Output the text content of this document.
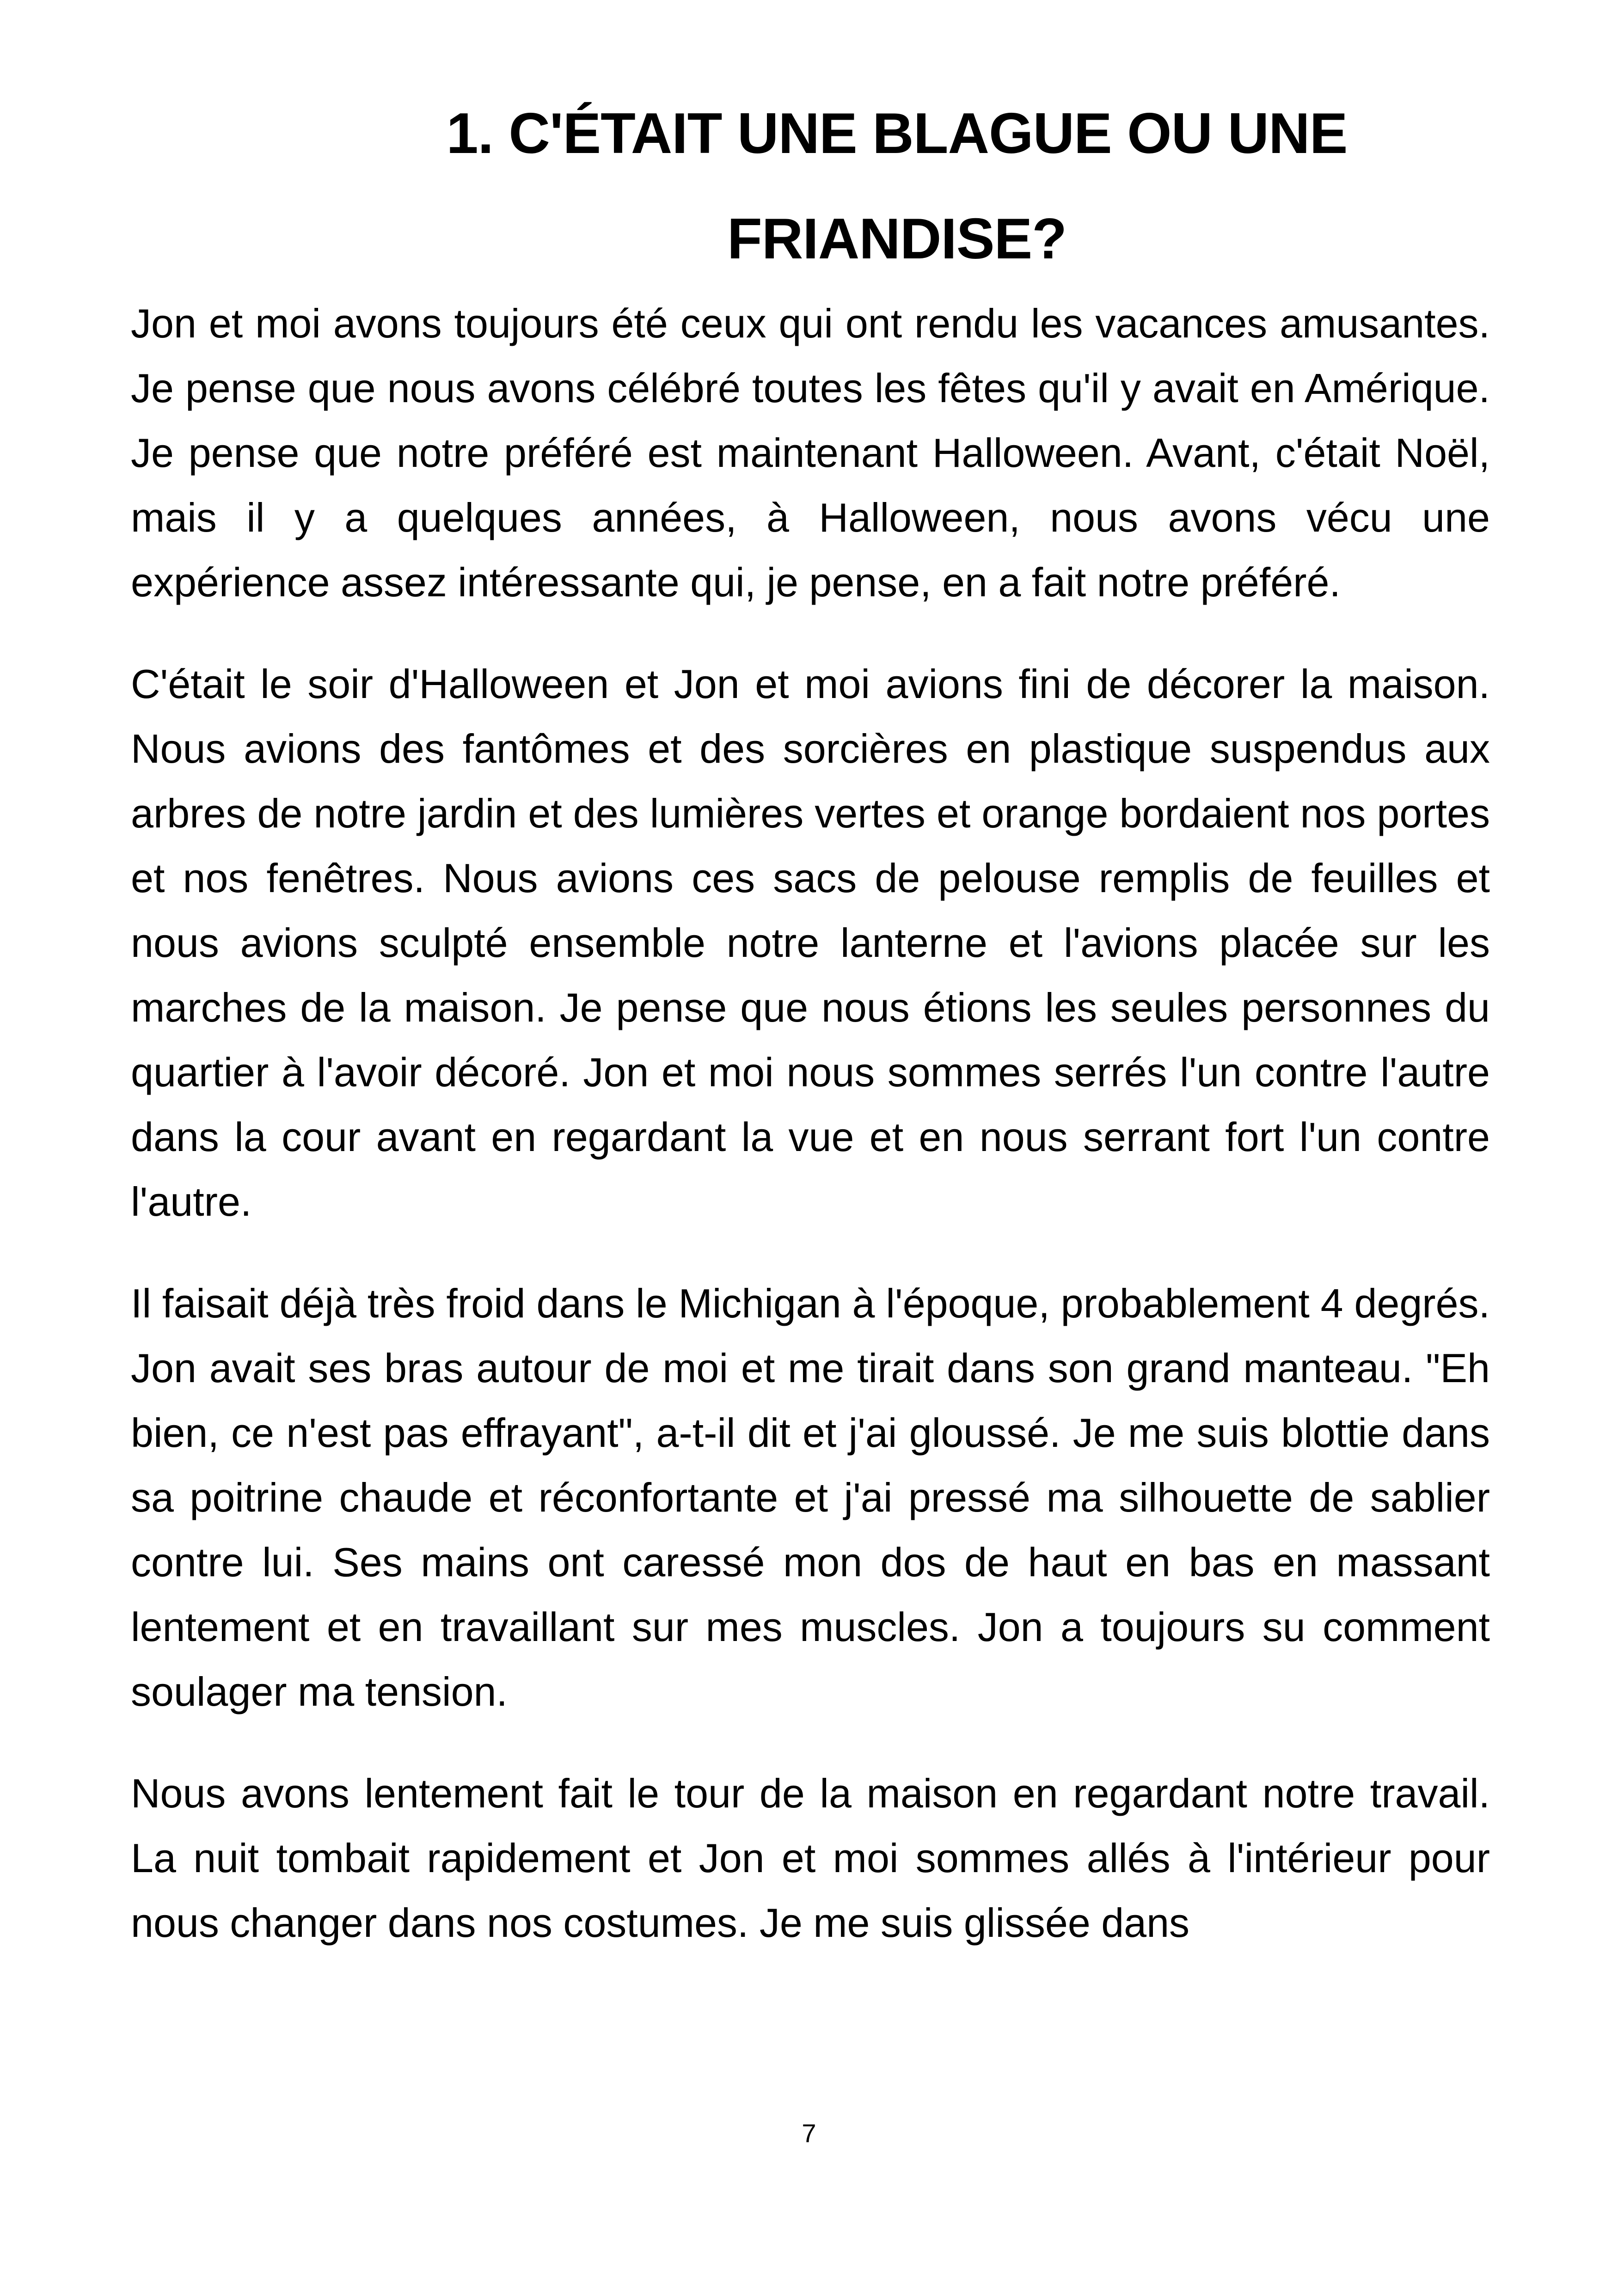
1. C'ÉTAIT UNE BLAGUE OU UNE
FRIANDISE?

Jon et moi avons toujours été ceux qui ont rendu les vacances amusantes. Je pense que nous avons célébré toutes les fêtes qu'il y avait en Amérique. Je pense que notre préféré est maintenant Halloween. Avant, c'était Noël, mais il y a quelques années, à Halloween, nous avons vécu une expérience assez intéressante qui, je pense, en a fait notre préféré.

C'était le soir d'Halloween et Jon et moi avions fini de décorer la maison. Nous avions des fantômes et des sorcières en plastique suspendus aux arbres de notre jardin et des lumières vertes et orange bordaient nos portes et nos fenêtres. Nous avions ces sacs de pelouse remplis de feuilles et nous avions sculpté ensemble notre lanterne et l'avions placée sur les marches de la maison. Je pense que nous étions les seules personnes du quartier à l'avoir décoré. Jon et moi nous sommes serrés l'un contre l'autre dans la cour avant en regardant la vue et en nous serrant fort l'un contre l'autre.

Il faisait déjà très froid dans le Michigan à l'époque, probablement 4 degrés. Jon avait ses bras autour de moi et me tirait dans son grand manteau. "Eh bien, ce n'est pas effrayant", a-t-il dit et j'ai gloussé. Je me suis blottie dans sa poitrine chaude et réconfortante et j'ai pressé ma silhouette de sablier contre lui. Ses mains ont caressé mon dos de haut en bas en massant lentement et en travaillant sur mes muscles. Jon a toujours su comment soulager ma tension.

Nous avons lentement fait le tour de la maison en regardant notre travail. La nuit tombait rapidement et Jon et moi sommes allés à l'intérieur pour nous changer dans nos costumes. Je me suis glissée dans

7
